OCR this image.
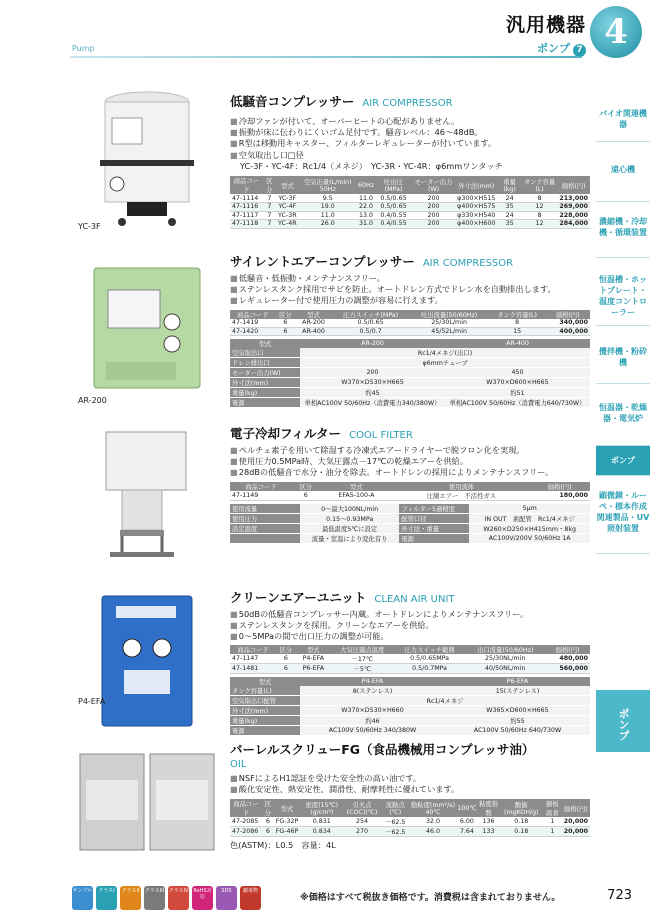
汎用機器
ポンプ 7
Pump	4
バイオ関連機器
遠心機
濃縮機・冷却機・循環装置
恒温槽・ホットプレート・温度コントローラー
攪拌機・粉砕機
恒温器・乾燥器・電気炉
ポンプ
顕微鏡・ルーペ・標本作成関連製品・UV照射装置
ポンプ
YC-3F
低騒音コンプレッサー AIR COMPRESSOR
■ 冷却ファンが付いて、オーバーヒートの心配がありません。
■ 振動が床に伝わりにくいゴム足付です。騒音レベル：46～48dB。
■ R型は移動用キャスター、フィルターレギュレーターが付いています。
■ 空気取出し口□径
YC-3F・YC-4F：Rc1/4（メネジ）　YC-3R・YC-4R：φ6mmワンタッチ
商品コード	区分	型式	空気出量(L/min) 50Hz	60Hz	吐出圧(MPa)	モーター出力(W)	外寸法(mm)	重量(kg)	タンク容量(L)	価格(円)
47-1114	7	YC-3F	9.5	11.0	0.5/0.65	200	φ300×H515	24	8	213,000
47-1116	7	YC-4F	19.0	22.0	0.5/0.65	200	φ400×H575	35	12	269,000
47-1117	7	YC-3R	11.0	13.0	0.4/0.55	200	φ330×H540	24	8	228,000
47-1118	7	YC-4R	26.0	31.0	0.4/0.55	200	φ400×H600	35	12	284,000
AR-200
サイレントエアーコンプレッサー AIR COMPRESSOR
■ 低騒音・低振動・メンテナンスフリー。
■ ステンレスタンク採用でサビを防止。オートドレン方式でドレン水を自動排出します。
■ レギュレーター付で使用圧力の調整が容易に行えます。
商品コード	区分	型式	圧力スイッチ(MPa)	吐出流量(50/60Hz)	タンク容量(L)	価格(円)
47-1419	6	AR-200	0.5/0.65	25/30L/min	8	340,000
47-1420	6	AR-400	0.5/0.7	45/52L/min	15	400,000
型式	AR-200	AR-400
空気取出口	Rc1/4メネジ(出口)	
ドレン排出口	φ6mmチューブ	
モーター出力(W)	200	450
外寸法(mm)	W370×D530×H665	W370×D600×H665
重量(kg)	約45	約51
電源	単相AC100V 50/60Hz（消費電力340/380W）	単相AC100V 50/60Hz（消費電力640/730W）
電子冷却フィルター COOL FILTER
■ ペルチェ素子を用いて除湿する冷凍式エアードライヤーで脱フロン化を実現。
■ 使用圧力0.5MPa時、大気圧露点－17℃の乾燥エアーを供給。
■ 28dBの低騒音で水分・油分を除去。オートドレンの採用によりメンテナンスフリー。
商品コード	区分	型式	使用流体	価格(円)
47-1149	6	EFA5-100-A	圧縮エアー　不活性ガス	180,000
使用流量	0～最大100NL/min	フィルター5過精度	5μm
使用圧力	0.15～0.93MPa	配管口径	IN OUT　素配管　Rc1/4メネジ
設定温度	最低温度5℃に設定	外寸法・重量	W260×D250×H415mm・8kg
	流量・室温により変化有り	電源	AC100V/200V 50/60Hz 1A
P4-EFA
クリーンエアーユニット CLEAN AIR UNIT
■ 50dBの低騒音コンプレッサー内蔵。オートドレンによりメンテナンスフリー。
■ ステンレスタンクを採用。クリーンなエアーを供給。
■ 0～5MPaの間で出口圧力の調整が可能。
商品コード	区分	型式	大気圧露点温度	圧力スイッチ範囲	出口流量(50/60Hz)	価格(円)
47-1147	6	P4-EFA	－17℃	0.5/0.65MPa	25/30NL/min	480,000
47-1481	6	P6-EFA	－5℃	0.5/0.7MPa	40/50NL/min	560,000
型式	P4-EFA	P6-EFA
タンク容量(L)	8(ステンレス)	15(ステンレス)
空気取出口配管	Rc1/4メネジ	
外寸法(mm)	W370×D530×H660	W365×D600×H665
重量(kg)	約46	約55
電源	AC100V 50/60Hz 340/380W	AC100V 50/60Hz 640/730W
バーレルスクリューFG（食品機械用コンプレッサ油）
OIL
■ NSFによるH1認証を受けた安全性の高い油です。
■ 酸化安定性、熱安定性、潤滑性、耐摩耗性に優れています。
商品コード	区分	型式	密度(15℃)(g/cm³)	引火点(COC)(℃)	流動点(℃)	動粘度(mm²/s) 40℃	100℃	粘度指数	酸価(mgKOH/g)	銅板腐食	価格(円)
47-2085	6	FG-32P	0.831	254	－62.5	32.0	6.00	136	0.18	1	20,000
47-2086	6	FG-46P	0.834	270	－62.5	46.0	7.64	133	0.18	1	20,000
色(ASTM)：L0.5　容量：4L
サンプル	クラスI	クラスII	クラスIII クラスIV RoHS対応
SDS	劇毒物
※価格はすべて税抜き価格です。消費税は含まれておりません。	723
